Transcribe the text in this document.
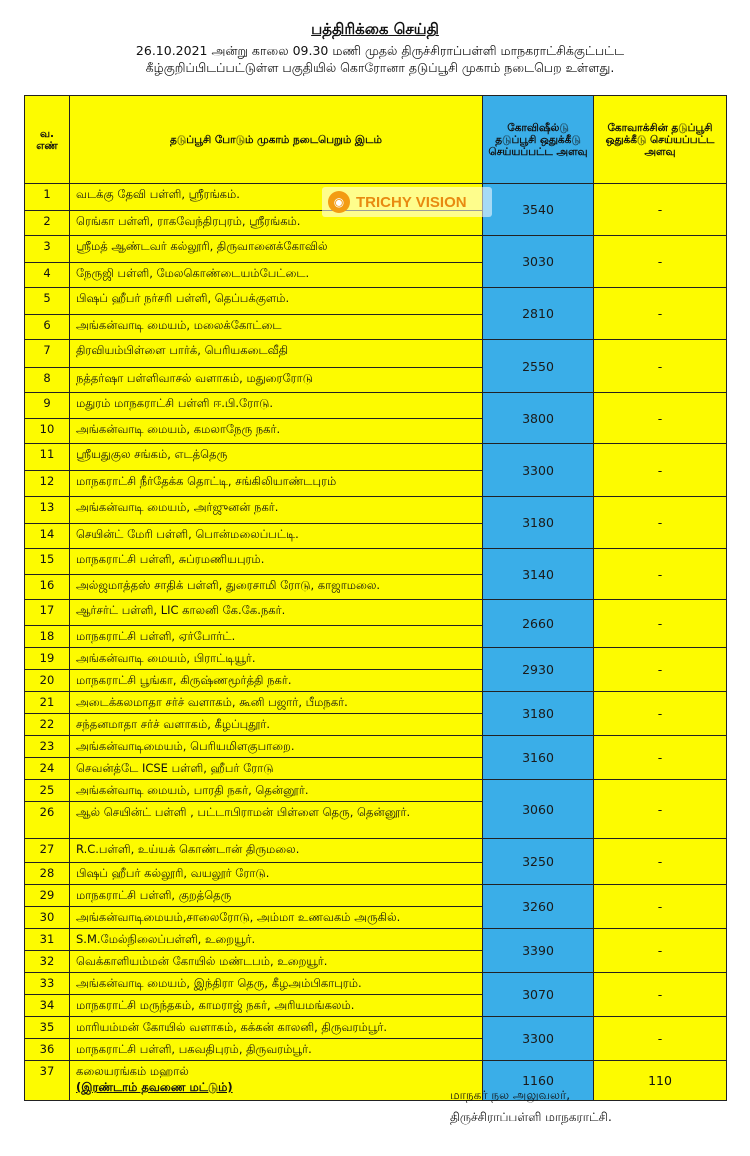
பத்திரிக்கை செய்தி
26.10.2021 அன்று காலை 09.30 மணி முதல் திருச்சிராப்பள்ளி மாநகராட்சிக்குட்பட்ட
கீழ்குறிப்பிடப்பட்டுள்ள பகுதியில் கொரோனா தடுப்பூசி முகாம் நடைபெற உள்ளது.
வ. எண்	தடுப்பூசி போடும் முகாம் நடைபெறும் இடம்	கோவிஷீல்டு தடுப்பூசி ஒதுக்கீடு செய்யப்பட்ட அளவு	கோவாக்சின் தடுப்பூசி ஒதுக்கீடு செய்யப்பட்ட அளவு
1	வடக்கு தேவி பள்ளி, ஸ்ரீரங்கம்.	3540	-
2	ரெங்கா பள்ளி, ராகவேந்திரபுரம், ஸ்ரீரங்கம்.		
3	ஸ்ரீமத் ஆண்டவர் கல்லூரி, திருவானைக்கோவில்	3030	-
4	நேருஜி பள்ளி, மேலகொண்டையம்பேட்டை.		
5	பிஷப் ஹீபர் நர்சரி பள்ளி, தெப்பக்குளம்.	2810	-
6	அங்கன்வாடி மையம், மலைக்கோட்டை		
7	திரவியம்பிள்ளை பார்க், பெரியகடைவீதி	2550	-
8	நத்தர்ஷா பள்ளிவாசல் வளாகம், மதுரைரோடு		
9	மதுரம் மாநகராட்சி பள்ளி ஈ.பி.ரோடு.	3800	-
10	அங்கன்வாடி மையம், கமலாநேரு நகர்.		
11	ஸ்ரீயதுகுல சங்கம், எடத்தெரு	3300	-
12	மாநகராட்சி நீர்தேக்க தொட்டி, சங்கிலியாண்டபுரம்		
13	அங்கன்வாடி மையம், அர்ஜுனன் நகர்.	3180	-
14	செயின்ட் மேரி பள்ளி, பொன்மலைப்பட்டி.		
15	மாநகராட்சி பள்ளி, சுப்ரமணியபுரம்.	3140	-
16	அல்ஜமாத்தஸ் சாதிக் பள்ளி, துரைசாமி ரோடு, காஜாமலை.		
17	ஆர்சர்ட் பள்ளி, LIC காலனி கே.கே.நகர்.	2660	-
18	மாநகராட்சி பள்ளி, ஏர்போர்ட்.		
19	அங்கன்வாடி மையம், பிராட்டியூர்.	2930	-
20	மாநகராட்சி பூங்கா, கிருஷ்ணமூர்த்தி நகர்.		
21	அடைக்கலமாதா சர்ச் வளாகம், கூனி பஜார், பீமநகர்.	3180	-
22	சந்தனமாதா சர்ச் வளாகம், கீழப்புதூர்.		
23	அங்கன்வாடிமையம், பெரியமிளகுபாறை.	3160	-
24	செவன்த்டே ICSE பள்ளி, ஹீபர் ரோடு		
25	அங்கன்வாடி மையம், பாரதி நகர், தென்னூர்.	3060	-
26	ஆல் செயின்ட் பள்ளி , பட்டாபிராமன் பிள்ளை தெரு, தென்னூர்.		
27	R.C.பள்ளி, உய்யக் கொண்டான் திருமலை.	3250	-
28	பிஷப் ஹீபர் கல்லூரி, வயலூர் ரோடு.		
29	மாநகராட்சி பள்ளி, குறத்தெரு	3260	-
30	அங்கன்வாடிமையம்,சாலைரோடு, அம்மா உணவகம் அருகில்.		
31	S.M.மேல்நிலைப்பள்ளி, உறையூர்.	3390	-
32	வெக்காளியம்மன் கோயில் மண்டபம், உறையூர்.		
33	அங்கன்வாடி மையம், இந்திரா தெரு, கீழஅம்பிகாபுரம்.	3070	-
34	மாநகராட்சி மருந்தகம், காமராஜ் நகர், அரியமங்கலம்.		
35	மாரியம்மன் கோயில் வளாகம், கக்கன் காலனி, திருவரம்பூர்.	3300	-
36	மாநகராட்சி பள்ளி, பகவதிபுரம், திருவரம்பூர்.		
37	கலையரங்கம் மஹால்
(இரண்டாம் தவணை மட்டும்)	1160	110
◉ TRICHY VISION
மாநகர் நல அலுவலர்,
திருச்சிராப்பள்ளி மாநகராட்சி.
